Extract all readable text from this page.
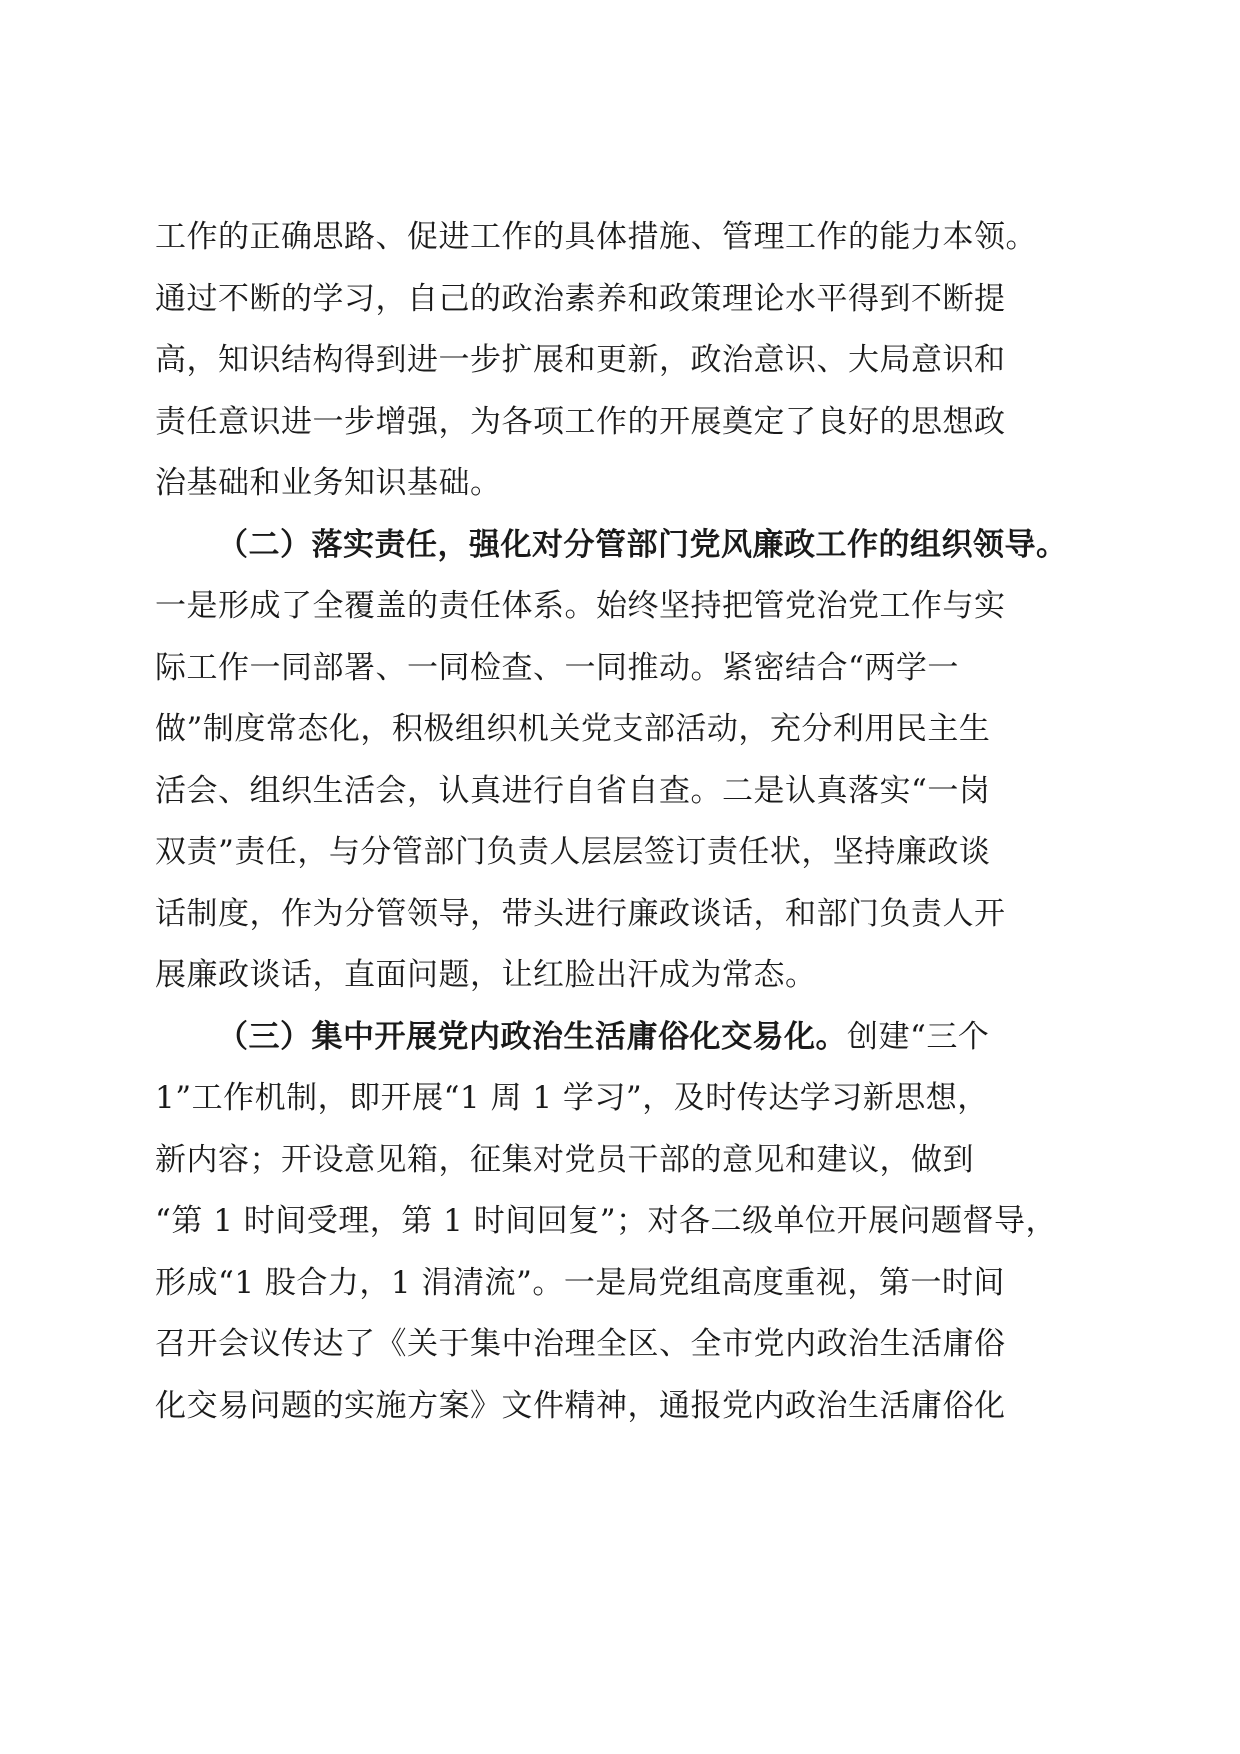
工作的正确思路、促进工作的具体措施、管理工作的能力本领。
通过不断的学习，自己的政治素养和政策理论水平得到不断提
高，知识结构得到进一步扩展和更新，政治意识、大局意识和
责任意识进一步增强，为各项工作的开展奠定了良好的思想政
治基础和业务知识基础。

（二）落实责任，强化对分管部门党风廉政工作的组织领导。
一是形成了全覆盖的责任体系。始终坚持把管党治党工作与实
际工作一同部署、一同检查、一同推动。紧密结合“两学一
做”制度常态化，积极组织机关党支部活动，充分利用民主生
活会、组织生活会，认真进行自省自查。二是认真落实“一岗
双责”责任，与分管部门负责人层层签订责任状，坚持廉政谈
话制度，作为分管领导，带头进行廉政谈话，和部门负责人开
展廉政谈话，直面问题，让红脸出汗成为常态。

（三）集中开展党内政治生活庸俗化交易化。创建“三个
1”工作机制，即开展“1 周 1 学习”，及时传达学习新思想，
新内容；开设意见箱，征集对党员干部的意见和建议，做到
“第 1 时间受理，第 1 时间回复”；对各二级单位开展问题督导，
形成“1 股合力，1 涓清流”。一是局党组高度重视，第一时间
召开会议传达了《关于集中治理全区、全市党内政治生活庸俗
化交易问题的实施方案》文件精神，通报党内政治生活庸俗化
